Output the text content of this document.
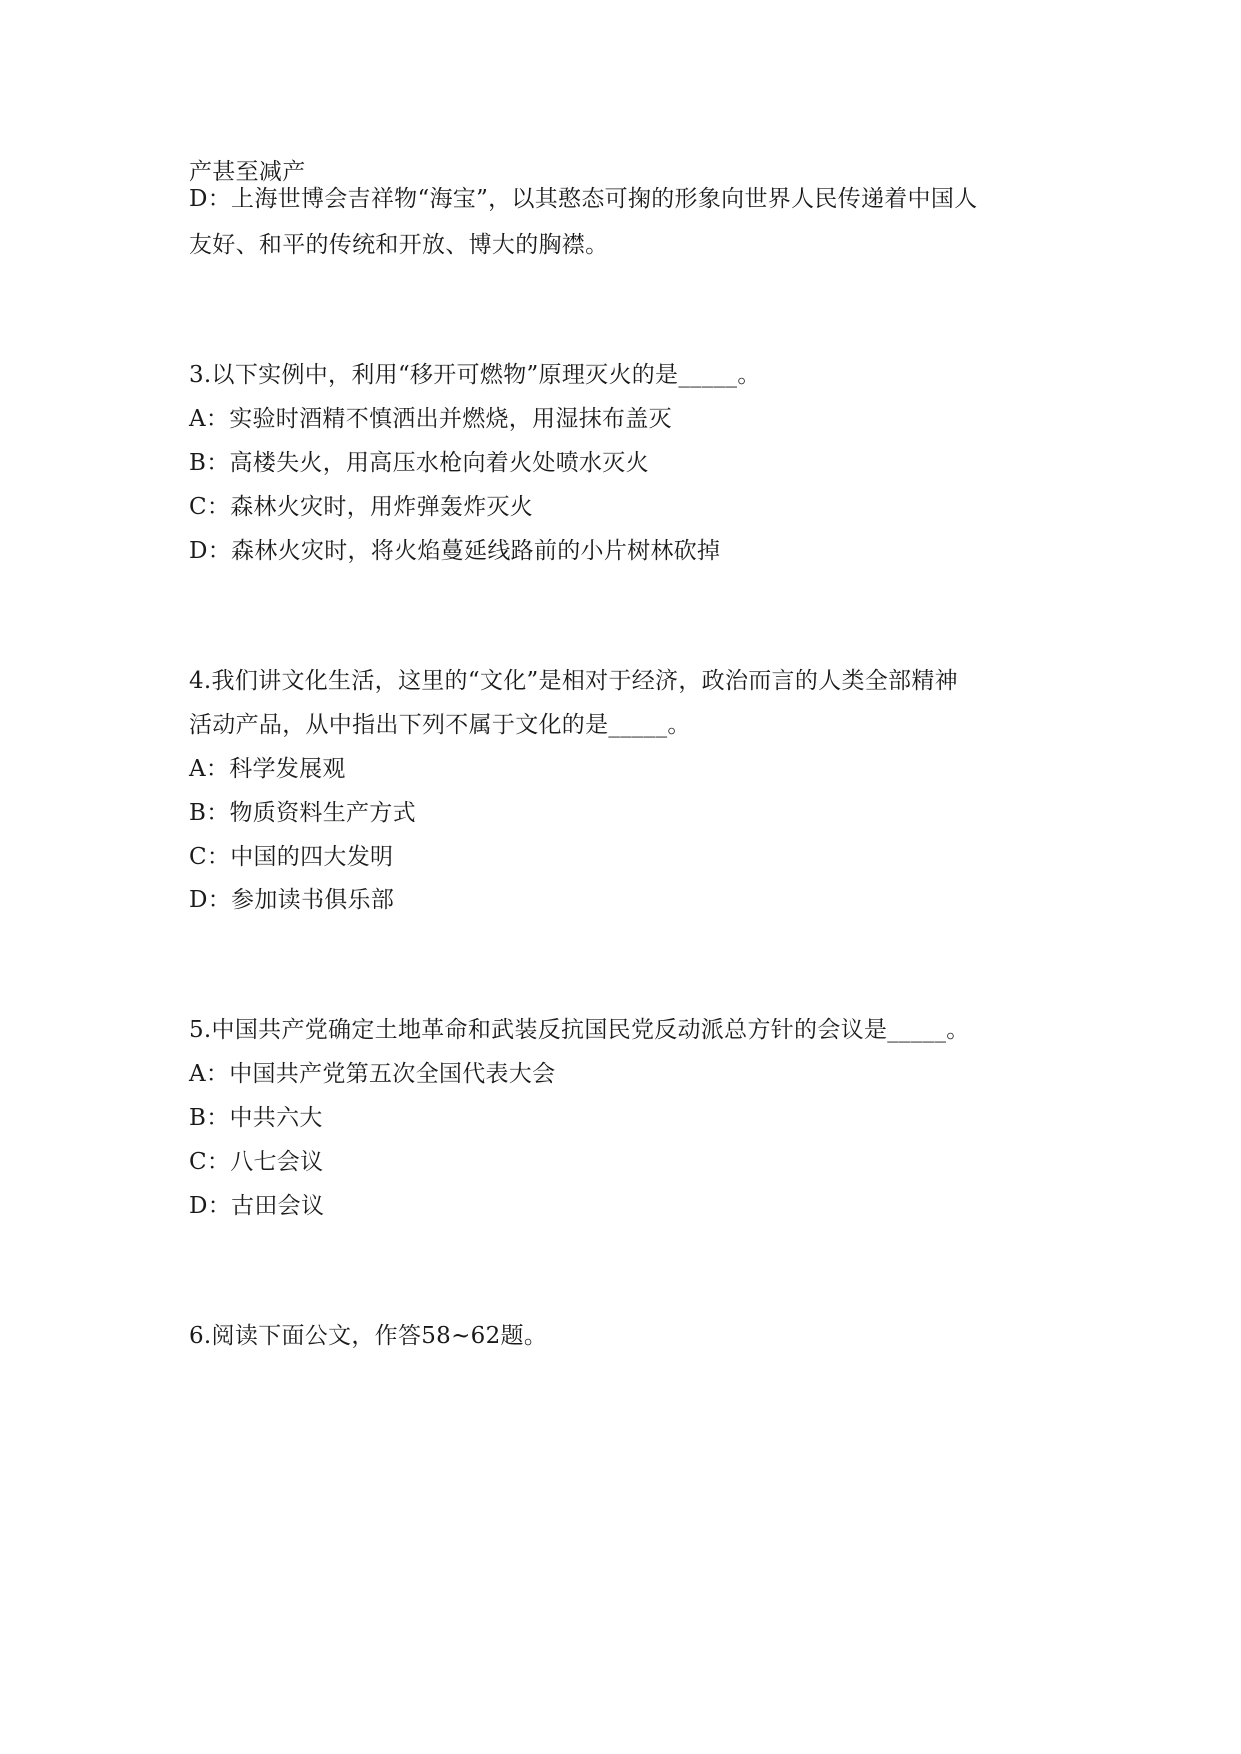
产甚至减产
D：上海世博会吉祥物“海宝”，以其憨态可掬的形象向世界人民传递着中国人
友好、和平的传统和开放、博大的胸襟。
3.以下实例中，利用“移开可燃物”原理灭火的是_____。
A：实验时酒精不慎洒出并燃烧，用湿抹布盖灭
B：高楼失火，用高压水枪向着火处喷水灭火
C：森林火灾时，用炸弹轰炸灭火
D：森林火灾时，将火焰蔓延线路前的小片树林砍掉
4.我们讲文化生活，这里的“文化”是相对于经济，政治而言的人类全部精神
活动产品，从中指出下列不属于文化的是_____。
A：科学发展观
B：物质资料生产方式
C：中国的四大发明
D：参加读书俱乐部
5.中国共产党确定土地革命和武装反抗国民党反动派总方针的会议是_____。
A：中国共产党第五次全国代表大会
B：中共六大
C：八七会议
D：古田会议
6.阅读下面公文，作答58~62题。
